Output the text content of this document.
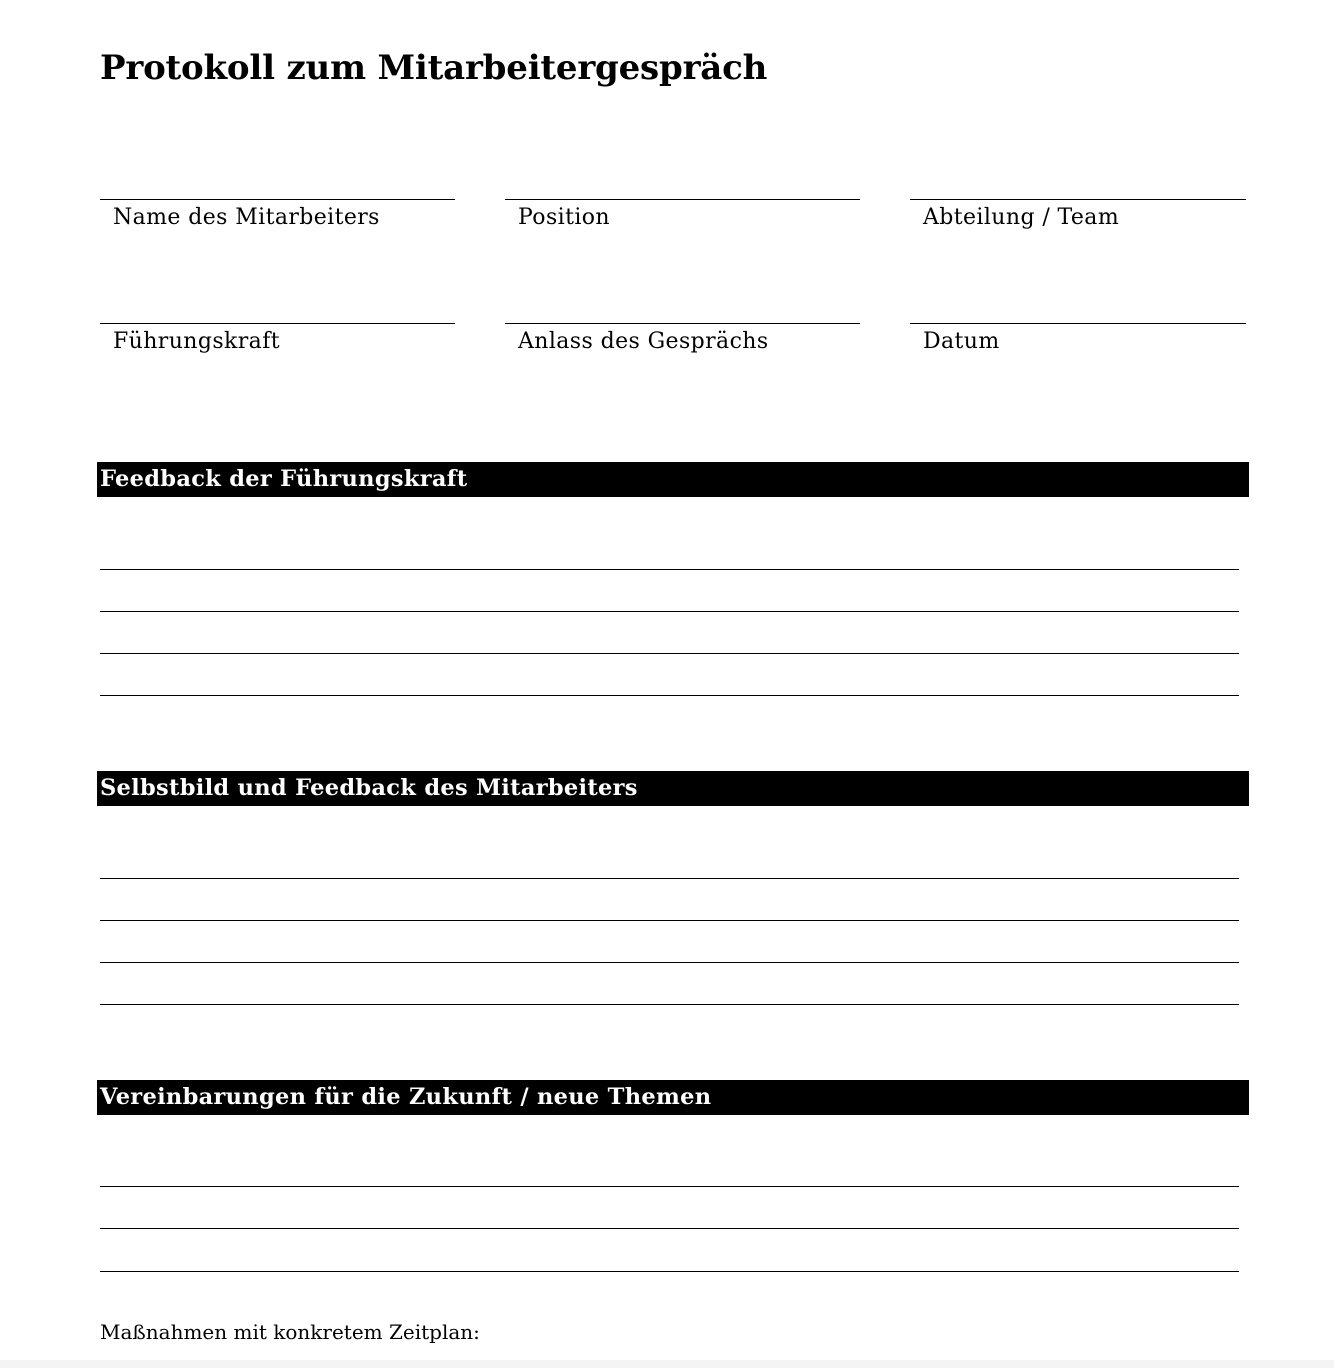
Protokoll zum Mitarbeitergespräch
Name des Mitarbeiters	Position	Abteilung / Team
Führungskraft	Anlass des Gesprächs	Datum
Feedback der Führungskraft
Selbstbild und Feedback des Mitarbeiters
Vereinbarungen für die Zukunft / neue Themen
Maßnahmen mit konkretem Zeitplan:
